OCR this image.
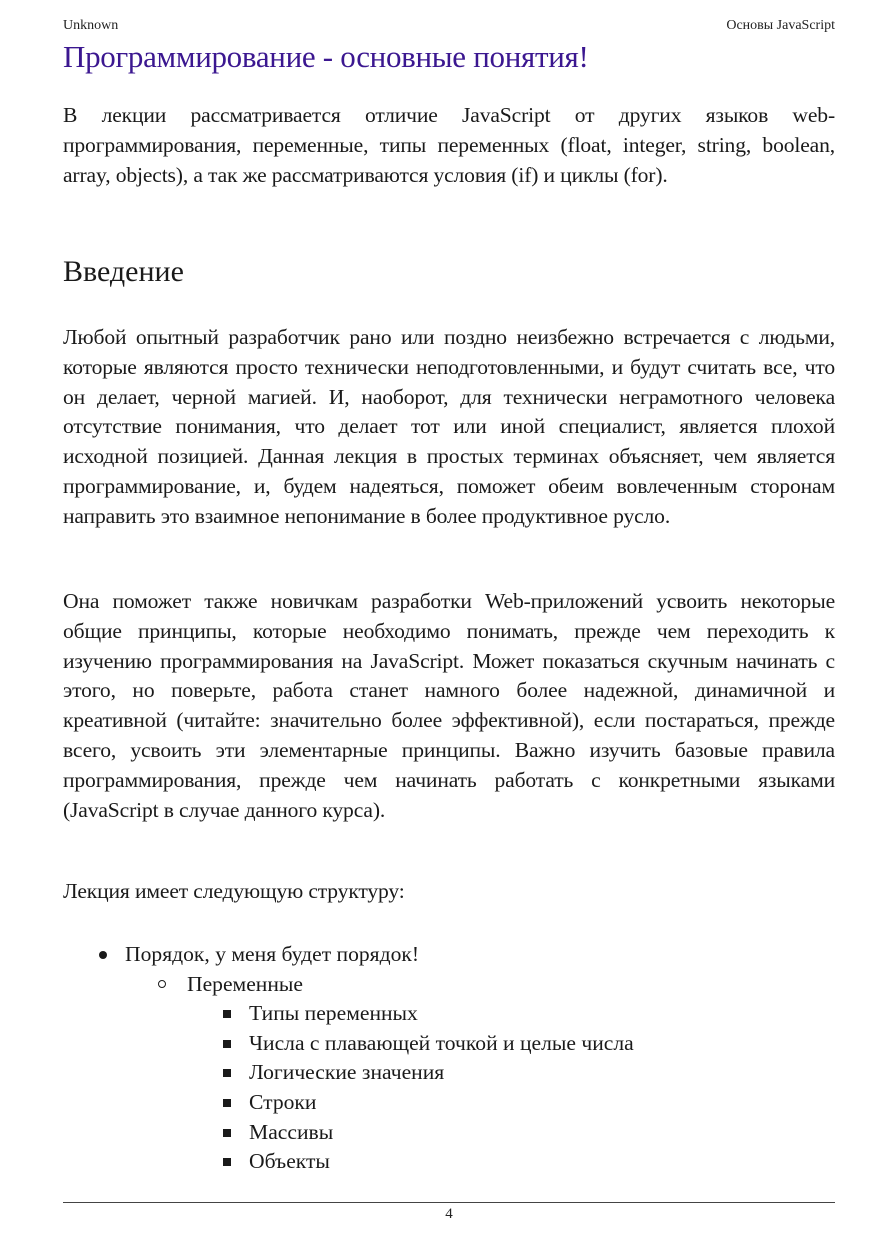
Unknown	Основы JavaScript
Программирование - основные понятия!

В лекции рассматривается отличие JavaScript от других языков web-программирования, переменные, типы переменных (float, integer, string, boolean, array, objects), а так же рассматриваются условия (if) и циклы (for).

Введение

Любой опытный разработчик рано или поздно неизбежно встречается с людьми, которые являются просто технически неподготовленными, и будут считать все, что он делает, черной магией. И, наоборот, для технически неграмотного человека отсутствие понимания, что делает тот или иной специалист, является плохой исходной позицией. Данная лекция в простых терминах объясняет, чем является программирование, и, будем надеяться, поможет обеим вовлеченным сторонам направить это взаимное непонимание в более продуктивное русло.

Она поможет также новичкам разработки Web-приложений усвоить некоторые общие принципы, которые необходимо понимать, прежде чем переходить к изучению программирования на JavaScript. Может показаться скучным начинать с этого, но поверьте, работа станет намного более надежной, динамичной и креативной (читайте: значительно более эффективной), если постараться, прежде всего, усвоить эти элементарные принципы. Важно изучить базовые правила программирования, прежде чем начинать работать с конкретными языками (JavaScript в случае данного курса).

Лекция имеет следующую структуру:

Порядок, у меня будет порядок!
Переменные
Типы переменных
Числа с плавающей точкой и целые числа
Логические значения
Строки
Массивы
Объекты
4
